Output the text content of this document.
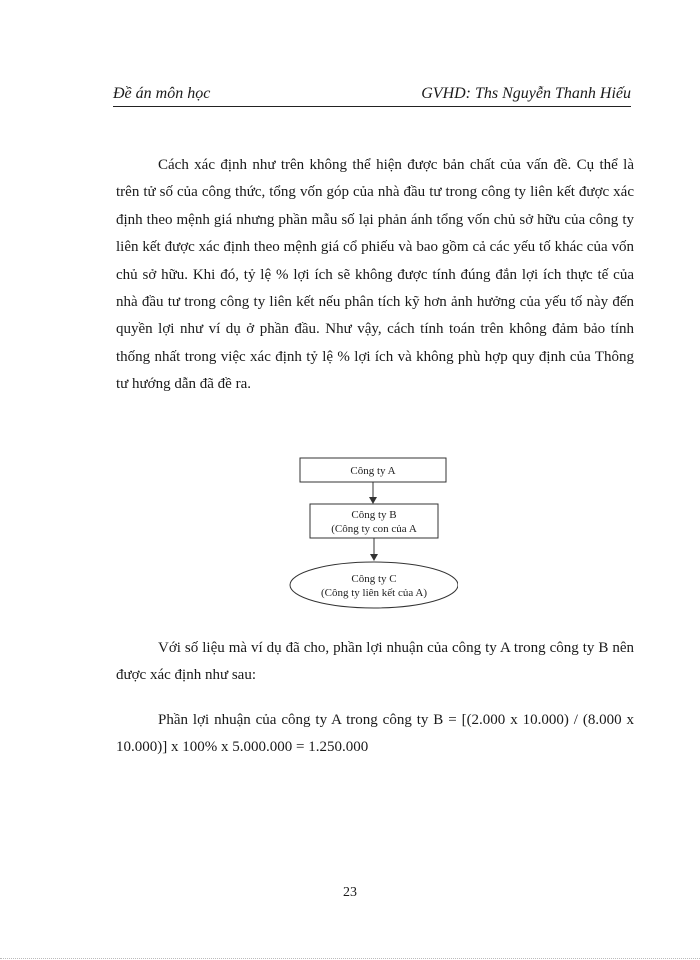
Đề án môn học	GVHD: Ths Nguyễn Thanh Hiếu

Cách xác định như trên không thể hiện được bản chất của vấn đề. Cụ thể là trên tử số của công thức, tổng vốn góp của nhà đầu tư trong công ty liên kết được xác định theo mệnh giá nhưng phần mẫu số lại phản ánh tổng vốn chủ sở hữu của công ty liên kết được xác định theo mệnh giá cổ phiếu và bao gồm cả các yếu tố khác của vốn chủ sở hữu. Khi đó, tỷ lệ % lợi ích sẽ không được tính đúng đắn lợi ích thực tế của nhà đầu tư trong công ty liên kết nếu phân tích kỹ hơn ảnh hưởng của yếu tố này đến quyền lợi như ví dụ ở phần đầu. Như vậy, cách tính toán trên không đảm bảo tính thống nhất trong việc xác định tỷ lệ % lợi ích và không phù hợp quy định của Thông tư hướng dẫn đã đề ra.

Công ty A
Công ty B
(Công ty con của A
Công ty C
(Công ty liên kết của A)

Với số liệu mà ví dụ đã cho, phần lợi nhuận của công ty A trong công ty B nên được xác định như sau:

Phần lợi nhuận của công ty A trong công ty B = [(2.000 x 10.000) / (8.000 x 10.000)] x 100% x 5.000.000 = 1.250.000

23
